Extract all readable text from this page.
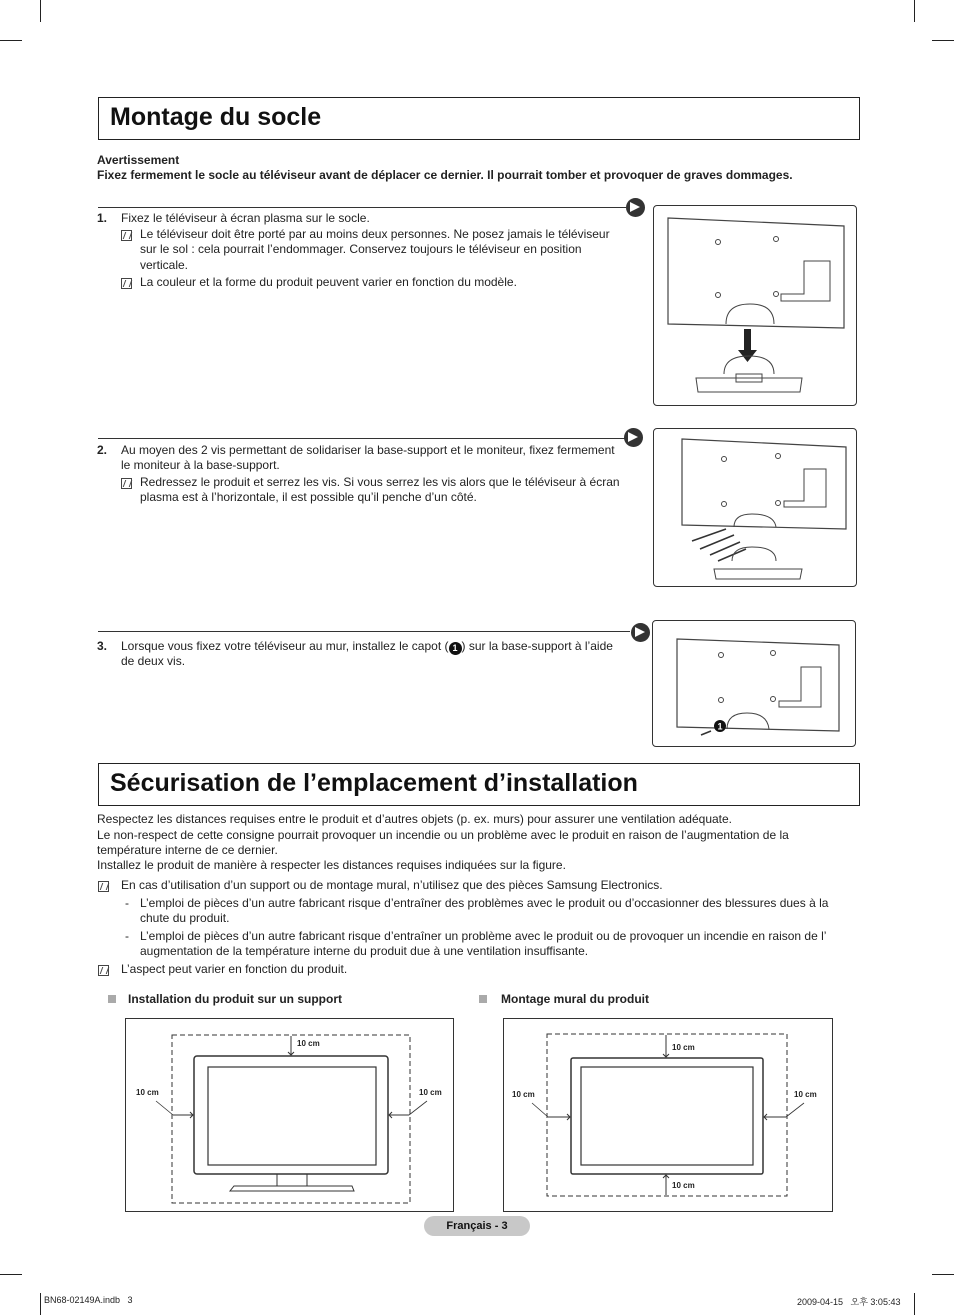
Montage du socle
Avertissement
Fixez fermement le socle au téléviseur avant de déplacer ce dernier. Il pourrait tomber et provoquer de graves dommages.
1. Fixez le téléviseur à écran plasma sur le socle.
Le téléviseur doit être porté par au moins deux personnes. Ne posez jamais le téléviseur
sur le sol : cela pourrait l’endommager. Conservez toujours le téléviseur en position
verticale.
La couleur et la forme du produit peuvent varier en fonction du modèle.
2. Au moyen des 2 vis permettant de solidariser la base-support et le moniteur, fixez fermement
le moniteur à la base-support.
Redressez le produit et serrez les vis. Si vous serrez les vis alors que le téléviseur à écran
plasma est à l’horizontale, il est possible qu’il penche d’un côté.
3. Lorsque vous fixez votre téléviseur au mur, installez le capot ( 1 ) sur la base-support à l’aide
de deux vis.
1
Sécurisation de l’emplacement d’installation
Respectez les distances requises entre le produit et d’autres objets (p. ex. murs) pour assurer une ventilation adéquate.
Le non-respect de cette consigne pourrait provoquer un incendie ou un problème avec le produit en raison de l’augmentation de la
température interne de ce dernier.
Installez le produit de manière à respecter les distances requises indiquées sur la figure.
En cas d’utilisation d’un support ou de montage mural, n’utilisez que des pièces Samsung Electronics.
- L’emploi de pièces d’un autre fabricant risque d’entraîner des problèmes avec le produit ou d’occasionner des blessures dues à la
chute du produit.
- L’emploi de pièces d’un autre fabricant risque d’entraîner un problème avec le produit ou de provoquer un incendie en raison de l’
augmentation de la température interne du produit due à une ventilation insuffisante.
L’aspect peut varier en fonction du produit.
Installation du produit sur un support	Montage mural du produit
10 cm
10 cm	10 cm
10 cm
10 cm	10 cm
10 cm
Français - 3
BN68-02149A.indb   3	2009-04-15   오후 3:05:43
